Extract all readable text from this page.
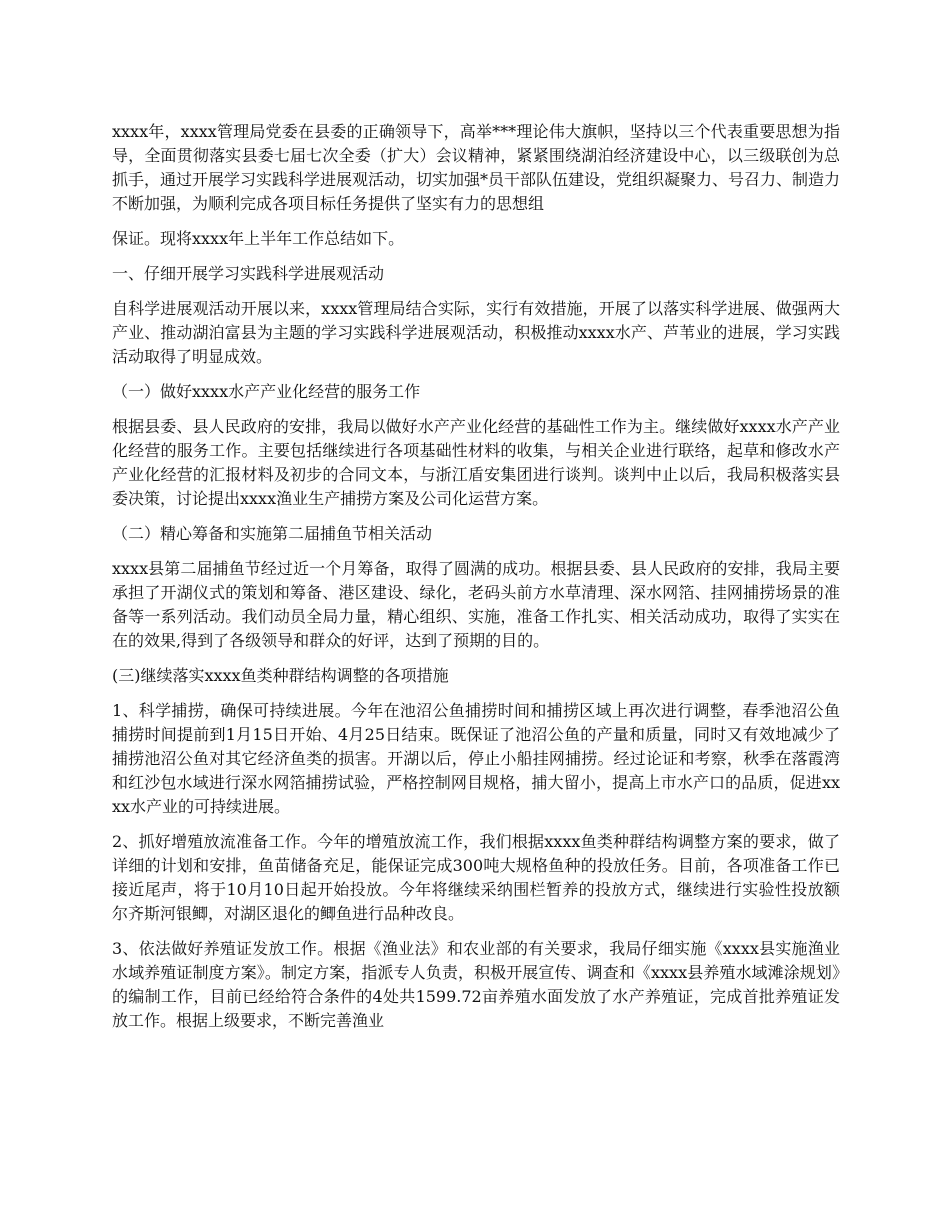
xxxx年，xxxx管理局党委在县委的正确领导下，高举***理论伟大旗帜，坚持以三个代表重要思想为指导，全面贯彻落实县委七届七次全委（扩大）会议精神，紧紧围绕湖泊经济建设中心，以三级联创为总抓手，通过开展学习实践科学进展观活动，切实加强*员干部队伍建设，党组织凝聚力、号召力、制造力不断加强，为顺利完成各项目标任务提供了坚实有力的思想组

保证。现将xxxx年上半年工作总结如下。

一、仔细开展学习实践科学进展观活动

自科学进展观活动开展以来，xxxx管理局结合实际，实行有效措施，开展了以落实科学进展、做强两大产业、推动湖泊富县为主题的学习实践科学进展观活动，积极推动xxxx水产、芦苇业的进展，学习实践活动取得了明显成效。

（一）做好xxxx水产产业化经营的服务工作

根据县委、县人民政府的安排，我局以做好水产产业化经营的基础性工作为主。继续做好xxxx水产产业化经营的服务工作。主要包括继续进行各项基础性材料的收集，与相关企业进行联络，起草和修改水产产业化经营的汇报材料及初步的合同文本，与浙江盾安集团进行谈判。谈判中止以后，我局积极落实县委决策，讨论提出xxxx渔业生产捕捞方案及公司化运营方案。

（二）精心筹备和实施第二届捕鱼节相关活动

xxxx县第二届捕鱼节经过近一个月筹备，取得了圆满的成功。根据县委、县人民政府的安排，我局主要承担了开湖仪式的策划和筹备、港区建设、绿化，老码头前方水草清理、深水网箔、挂网捕捞场景的准备等一系列活动。我们动员全局力量，精心组织、实施，准备工作扎实、相关活动成功，取得了实实在在的效果,得到了各级领导和群众的好评，达到了预期的目的。

(三)继续落实xxxx鱼类种群结构调整的各项措施

1、科学捕捞，确保可持续进展。今年在池沼公鱼捕捞时间和捕捞区域上再次进行调整，春季池沼公鱼捕捞时间提前到1月15日开始、4月25日结束。既保证了池沼公鱼的产量和质量，同时又有效地减少了捕捞池沼公鱼对其它经济鱼类的损害。开湖以后，停止小船挂网捕捞。经过论证和考察，秋季在落霞湾和红沙包水域进行深水网箔捕捞试验，严格控制网目规格，捕大留小，提高上市水产口的品质，促进xxxx水产业的可持续进展。

2、抓好增殖放流准备工作。今年的增殖放流工作，我们根据xxxx鱼类种群结构调整方案的要求，做了详细的计划和安排，鱼苗储备充足，能保证完成300吨大规格鱼种的投放任务。目前，各项准备工作已接近尾声，将于10月10日起开始投放。今年将继续采纳围栏暂养的投放方式，继续进行实验性投放额尔齐斯河银鲫，对湖区退化的鲫鱼进行品种改良。

3、依法做好养殖证发放工作。根据《渔业法》和农业部的有关要求，我局仔细实施《xxxx县实施渔业水域养殖证制度方案》。制定方案，指派专人负责，积极开展宣传、调查和《xxxx县养殖水域滩涂规划》的编制工作，目前已经给符合条件的4处共1599.72亩养殖水面发放了水产养殖证，完成首批养殖证发放工作。根据上级要求，不断完善渔业
